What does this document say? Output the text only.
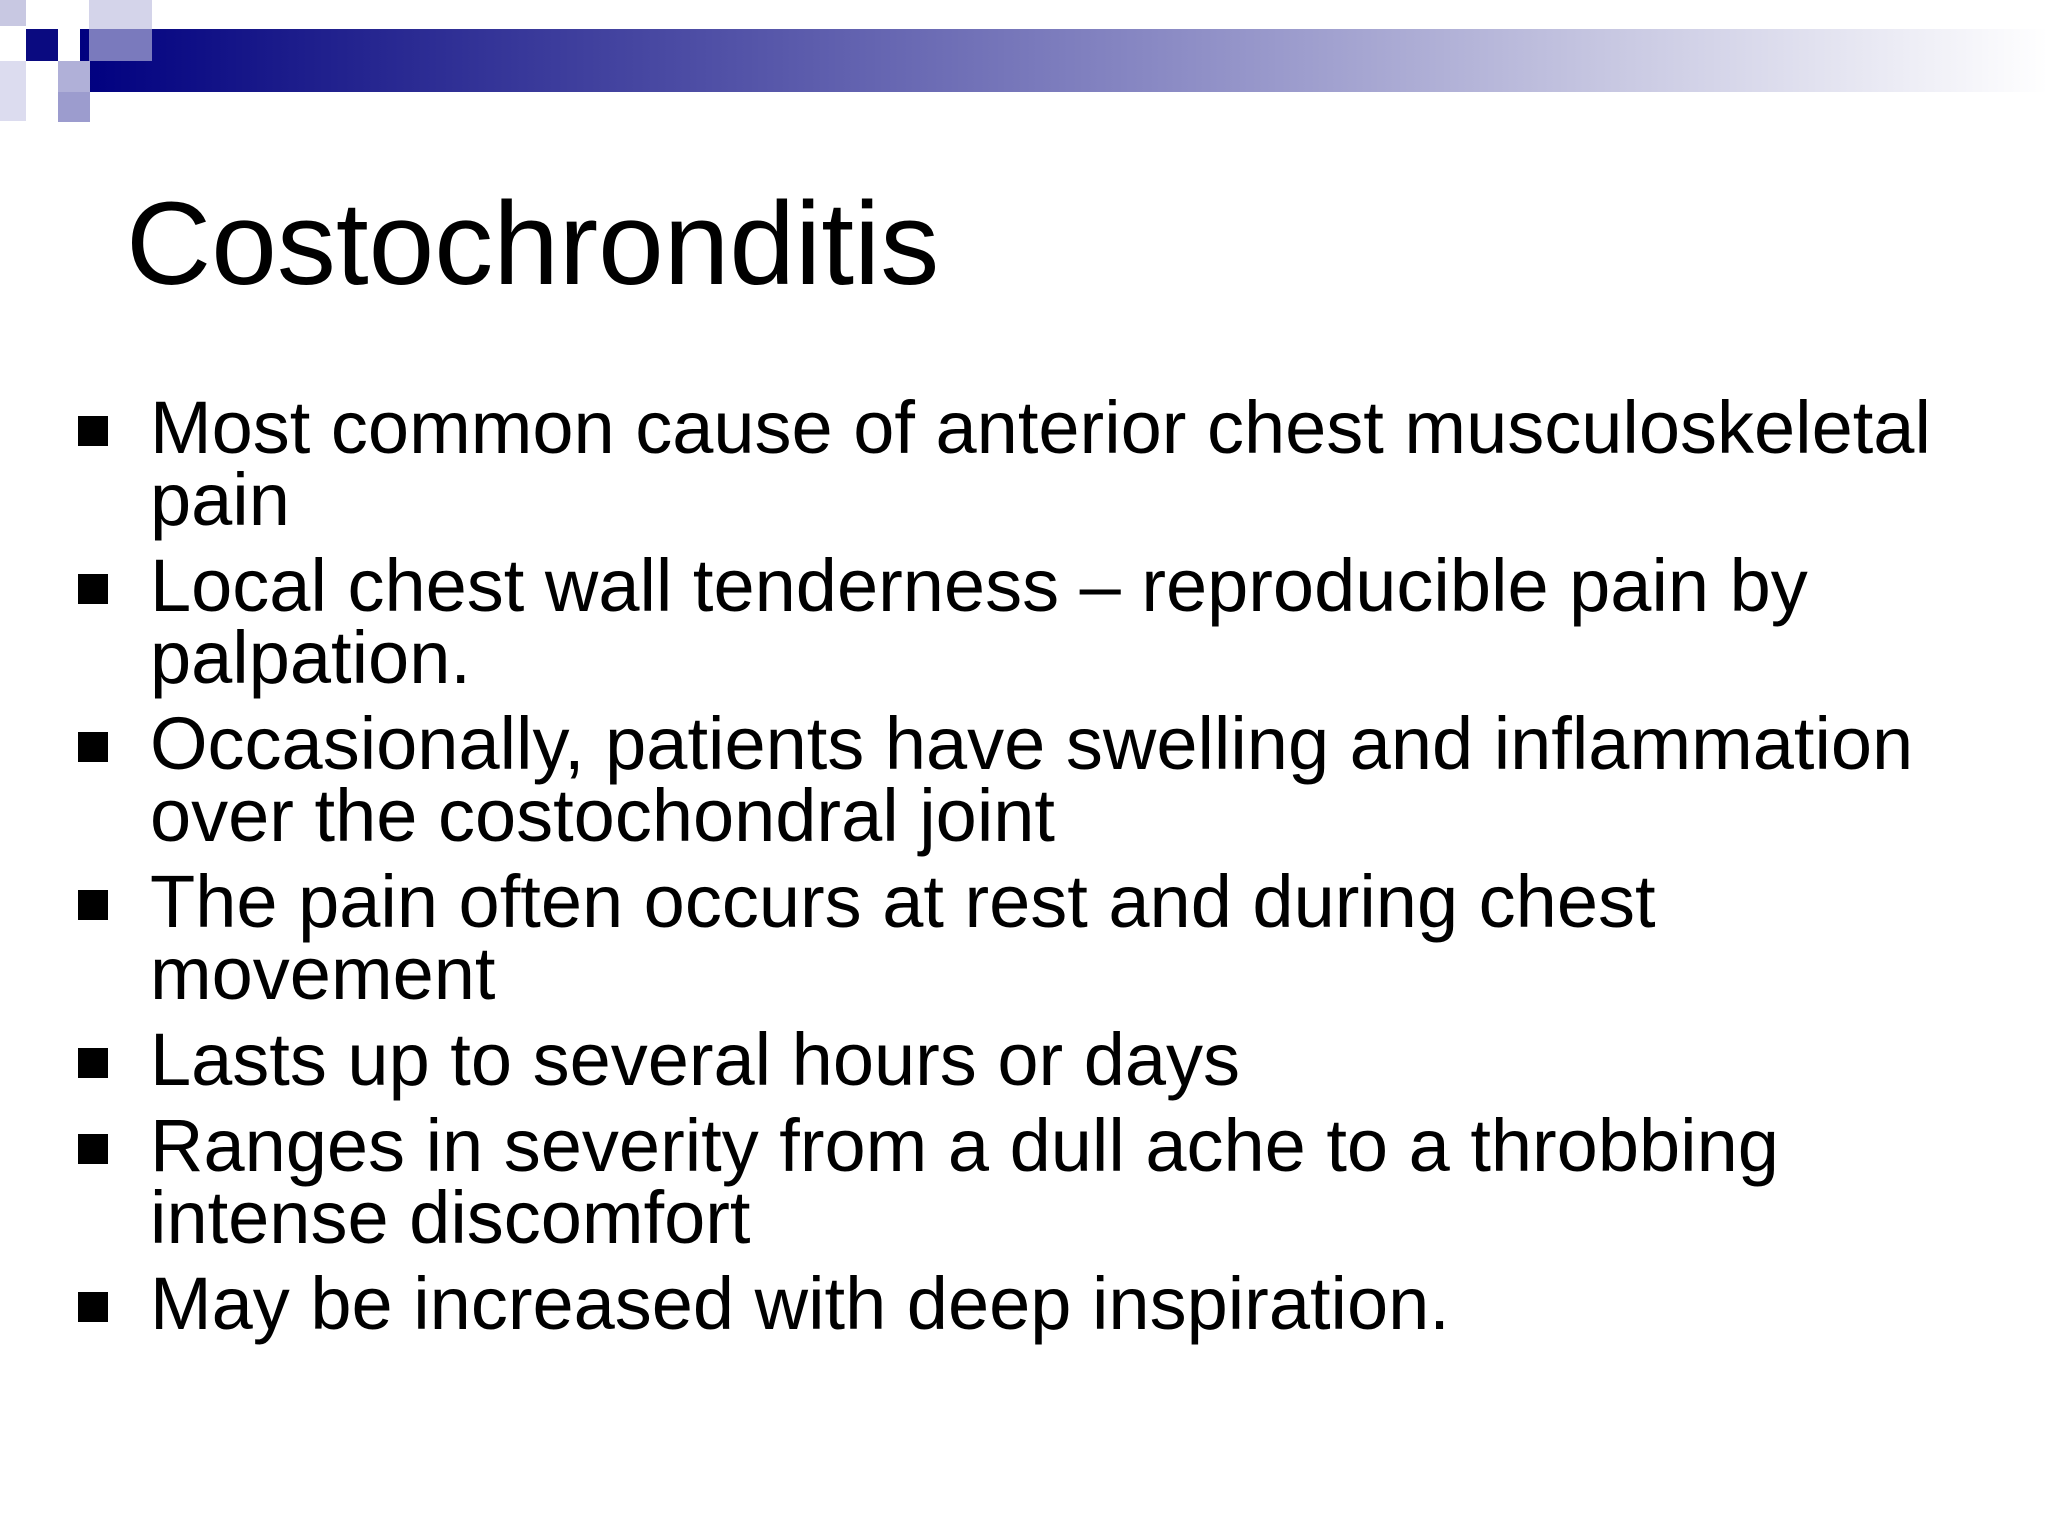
Costochronditis
Most common cause of anterior chest musculoskeletal pain
Local chest wall tenderness – reproducible pain by palpation.
Occasionally, patients have swelling and inflammation over the costochondral joint
The pain often occurs at rest and during chest movement
Lasts up to several hours or days
Ranges in severity from a dull ache to a throbbing intense discomfort
May be increased with deep inspiration.
